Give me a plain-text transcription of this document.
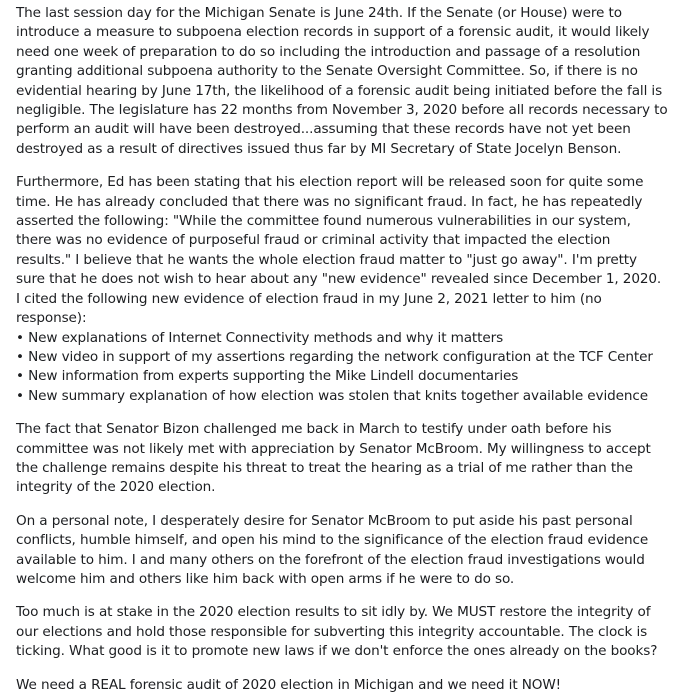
The last session day for the Michigan Senate is June 24th. If the Senate (or House) were to introduce a measure to subpoena election records in support of a forensic audit, it would likely need one week of preparation to do so including the introduction and passage of a resolution granting additional subpoena authority to the Senate Oversight Committee. So, if there is no evidential hearing by June 17th, the likelihood of a forensic audit being initiated before the fall is negligible. The legislature has 22 months from November 3, 2020 before all records necessary to perform an audit will have been destroyed...assuming that these records have not yet been destroyed as a result of directives issued thus far by MI Secretary of State Jocelyn Benson.

Furthermore, Ed has been stating that his election report will be released soon for quite some time. He has already concluded that there was no significant fraud. In fact, he has repeatedly asserted the following: "While the committee found numerous vulnerabilities in our system, there was no evidence of purposeful fraud or criminal activity that impacted the election results." I believe that he wants the whole election fraud matter to "just go away". I'm pretty sure that he does not wish to hear about any "new evidence" revealed since December 1, 2020. I cited the following new evidence of election fraud in my June 2, 2021 letter to him (no response):
• New explanations of Internet Connectivity methods and why it matters
• New video in support of my assertions regarding the network configuration at the TCF Center
• New information from experts supporting the Mike Lindell documentaries
• New summary explanation of how election was stolen that knits together available evidence

The fact that Senator Bizon challenged me back in March to testify under oath before his committee was not likely met with appreciation by Senator McBroom. My willingness to accept the challenge remains despite his threat to treat the hearing as a trial of me rather than the integrity of the 2020 election.

On a personal note, I desperately desire for Senator McBroom to put aside his past personal conflicts, humble himself, and open his mind to the significance of the election fraud evidence available to him. I and many others on the forefront of the election fraud investigations would welcome him and others like him back with open arms if he were to do so.

Too much is at stake in the 2020 election results to sit idly by. We MUST restore the integrity of our elections and hold those responsible for subverting this integrity accountable. The clock is ticking. What good is it to promote new laws if we don't enforce the ones already on the books?

We need a REAL forensic audit of 2020 election in Michigan and we need it NOW!
